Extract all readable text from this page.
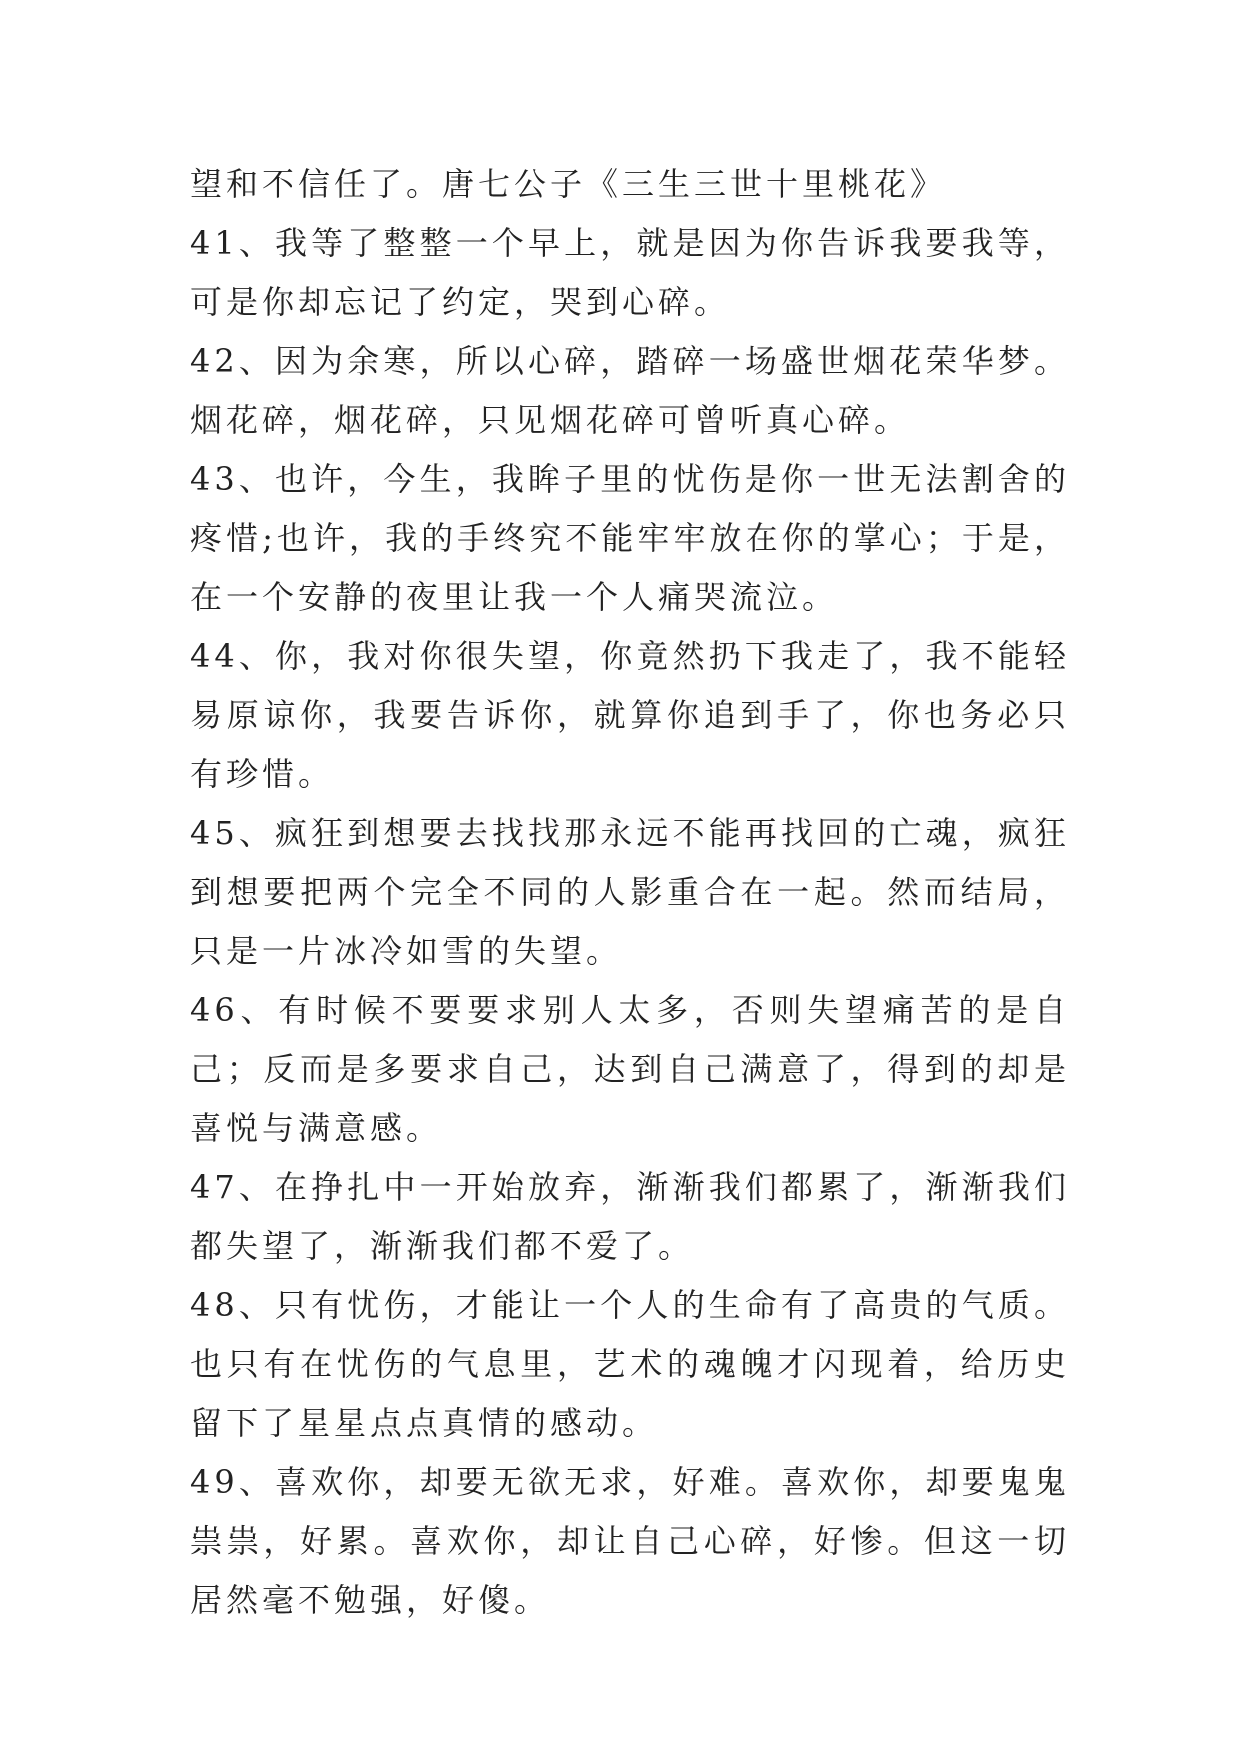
望和不信任了。唐七公子《三生三世十里桃花》

41、我等了整整一个早上，就是因为你告诉我要我等，可是你却忘记了约定，哭到心碎。

42、因为余寒，所以心碎，踏碎一场盛世烟花荣华梦。烟花碎，烟花碎，只见烟花碎可曾听真心碎。

43、也许，今生，我眸子里的忧伤是你一世无法割舍的疼惜;也许，我的手终究不能牢牢放在你的掌心；于是，在一个安静的夜里让我一个人痛哭流泣。

44、你，我对你很失望，你竟然扔下我走了，我不能轻易原谅你，我要告诉你，就算你追到手了，你也务必只有珍惜。

45、疯狂到想要去找找那永远不能再找回的亡魂，疯狂到想要把两个完全不同的人影重合在一起。然而结局，只是一片冰冷如雪的失望。

46、有时候不要要求别人太多，否则失望痛苦的是自己；反而是多要求自己，达到自己满意了，得到的却是喜悦与满意感。

47、在挣扎中一开始放弃，渐渐我们都累了，渐渐我们都失望了，渐渐我们都不爱了。

48、只有忧伤，才能让一个人的生命有了高贵的气质。也只有在忧伤的气息里，艺术的魂魄才闪现着，给历史留下了星星点点真情的感动。

49、喜欢你，却要无欲无求，好难。喜欢你，却要鬼鬼祟祟，好累。喜欢你，却让自己心碎，好惨。但这一切居然毫不勉强，好傻。
